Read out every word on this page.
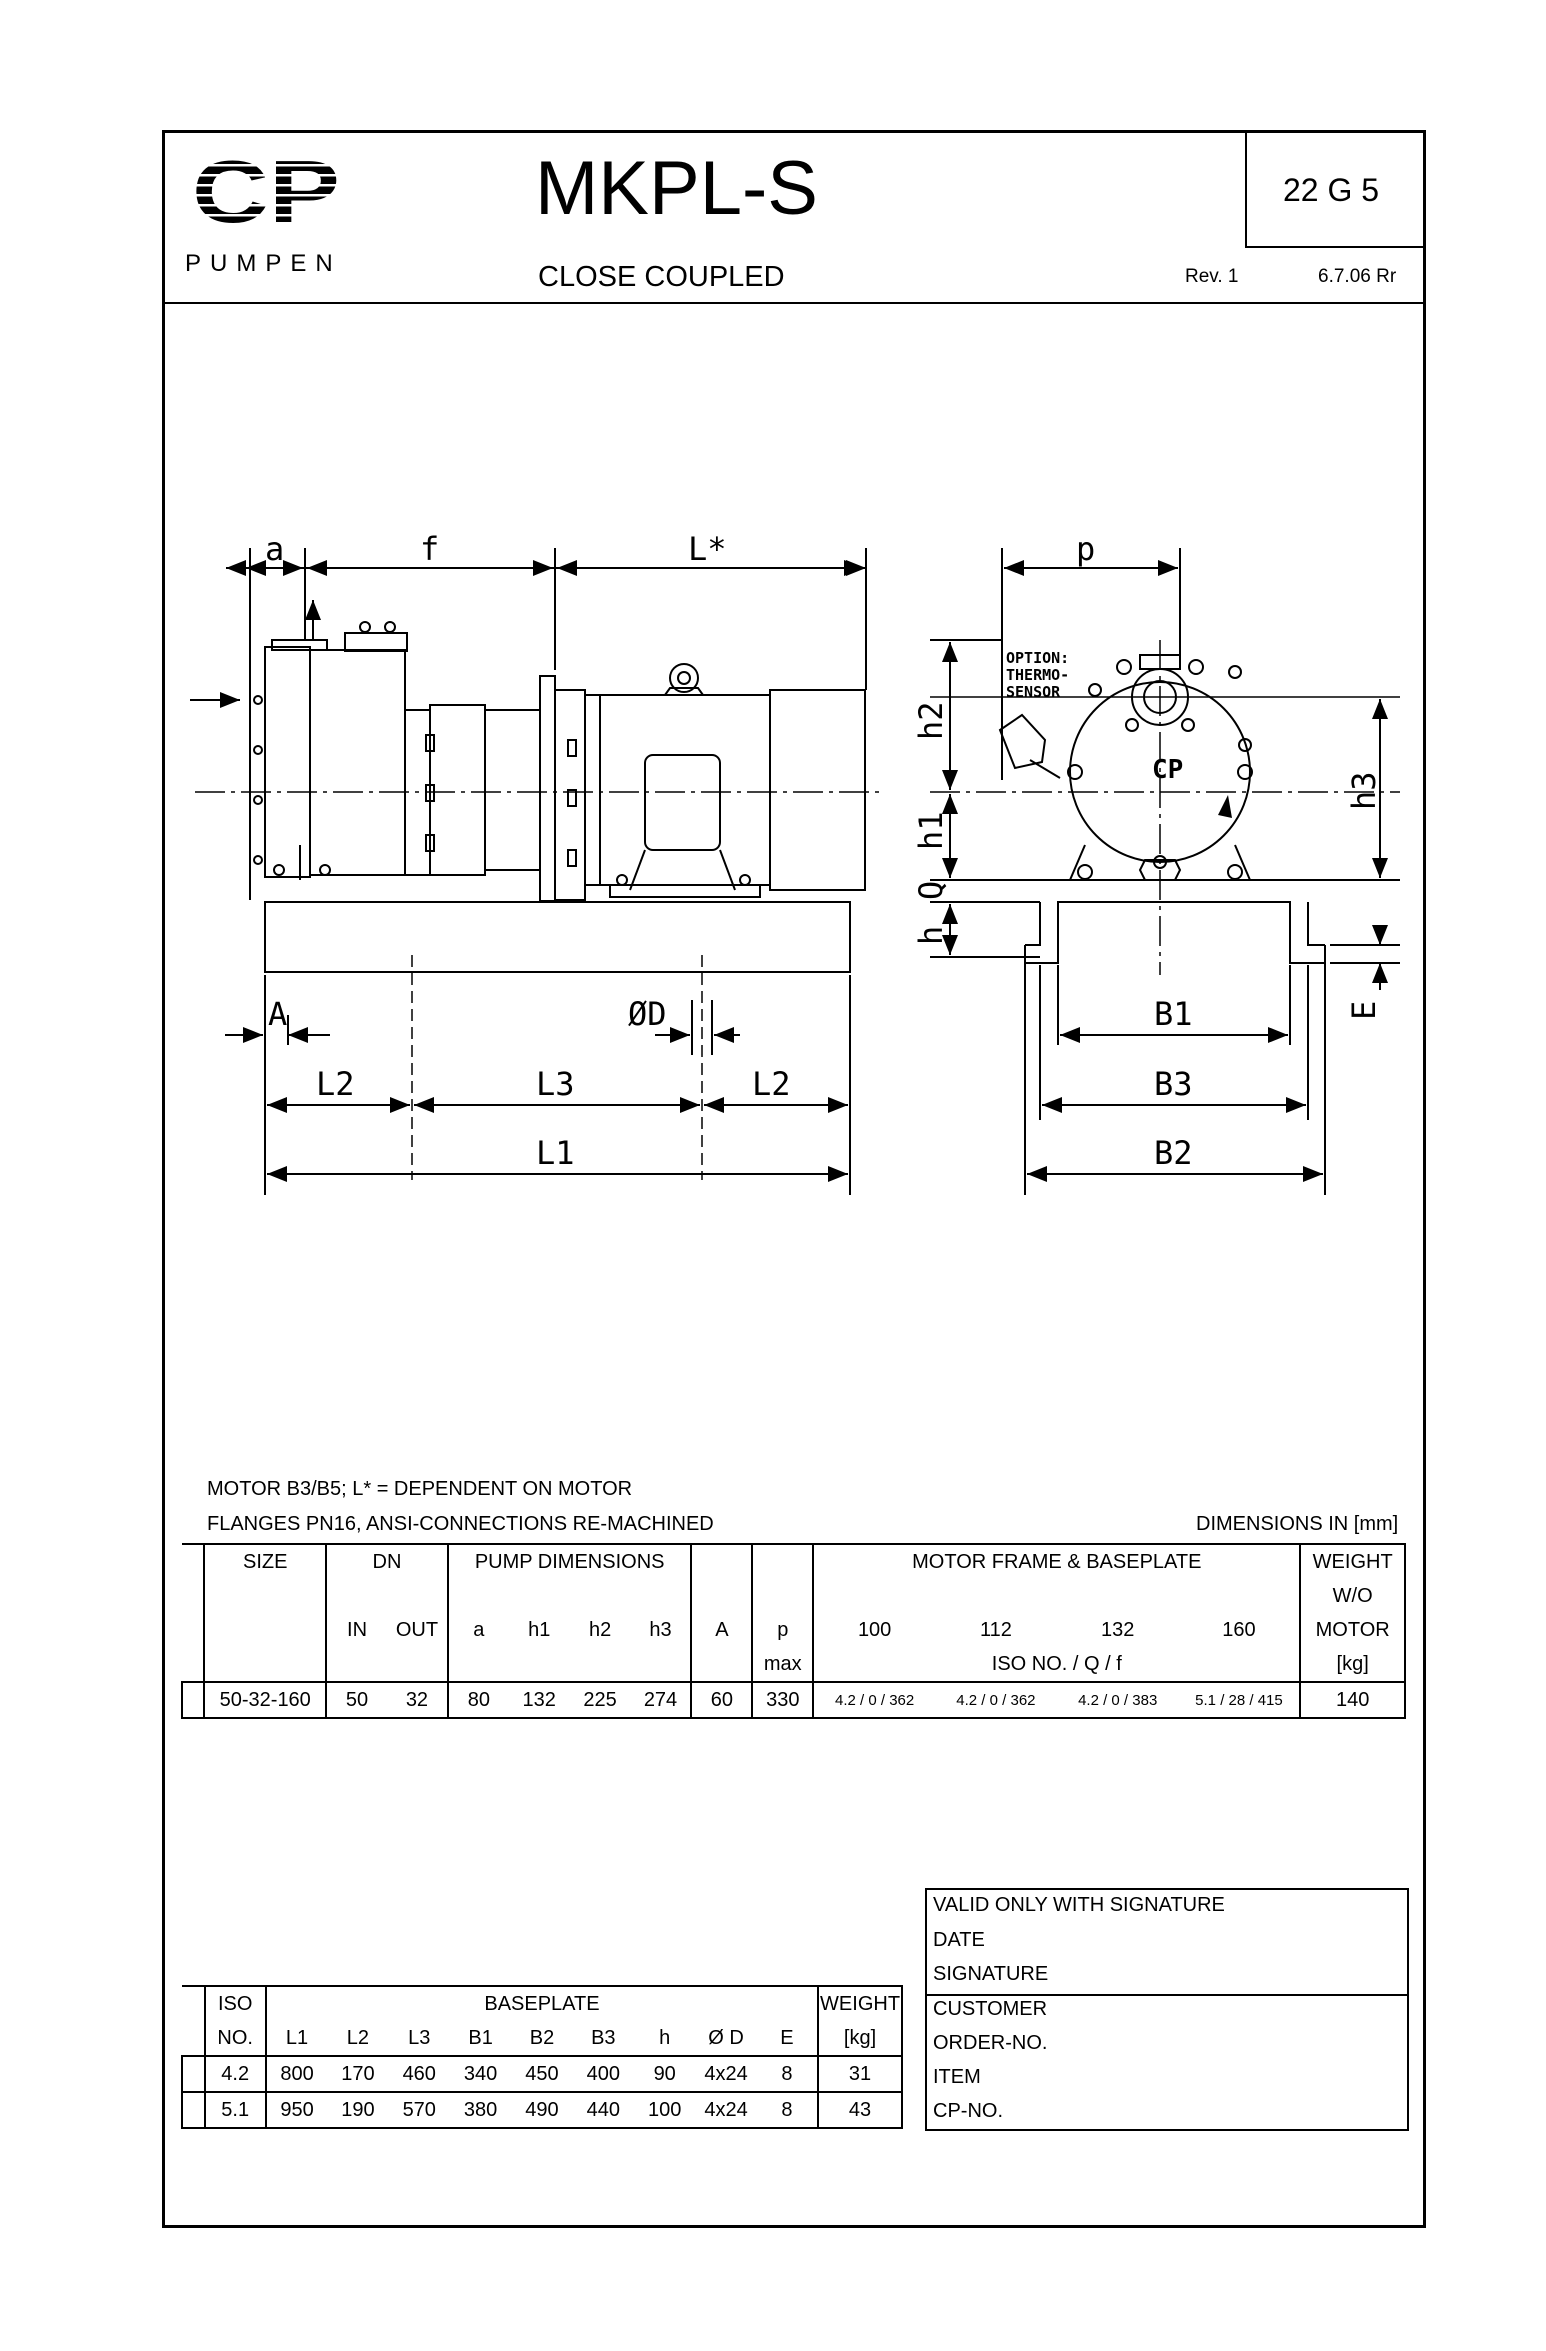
PUMPEN
MKPL-S
CLOSE COUPLED
22 G 5
Rev. 1	6.7.06 Rr
a	f	L*	p
A	ØD
L2	L3	L2
L1
B1
B3
B2
h2
h1
Q
h
h3
E
OPTION:
THERMO-
SENSOR
CP
MOTOR B3/B5; L* = DEPENDENT ON MOTOR
FLANGES PN16, ANSI-CONNECTIONS RE-MACHINED	DIMENSIONS IN [mm]
	SIZE	DN		PUMP DIMENSIONS						MOTOR FRAME & BASEPLATE				WEIGHT
														W/O
		IN	OUT	a	h1	h2	h3	A	p	100	112	132	160	MOTOR
									max	ISO NO. / Q / f				[kg]
	50-32-160	50	32	80	132	225	274	60	330	4.2 / 0 / 362	4.2 / 0 / 362	4.2 / 0 / 383	5.1 / 28 / 415	140
	ISO	BASEPLATE									WEIGHT
	NO.	L1	L2	L3	B1	B2	B3	h	Ø D	E	[kg]
	4.2	800	170	460	340	450	400	90	4x24	8	31
	5.1	950	190	570	380	490	440	100	4x24	8	43
VALID ONLY WITH SIGNATURE
DATE
SIGNATURE
CUSTOMER
ORDER-NO.
ITEM
CP-NO.
